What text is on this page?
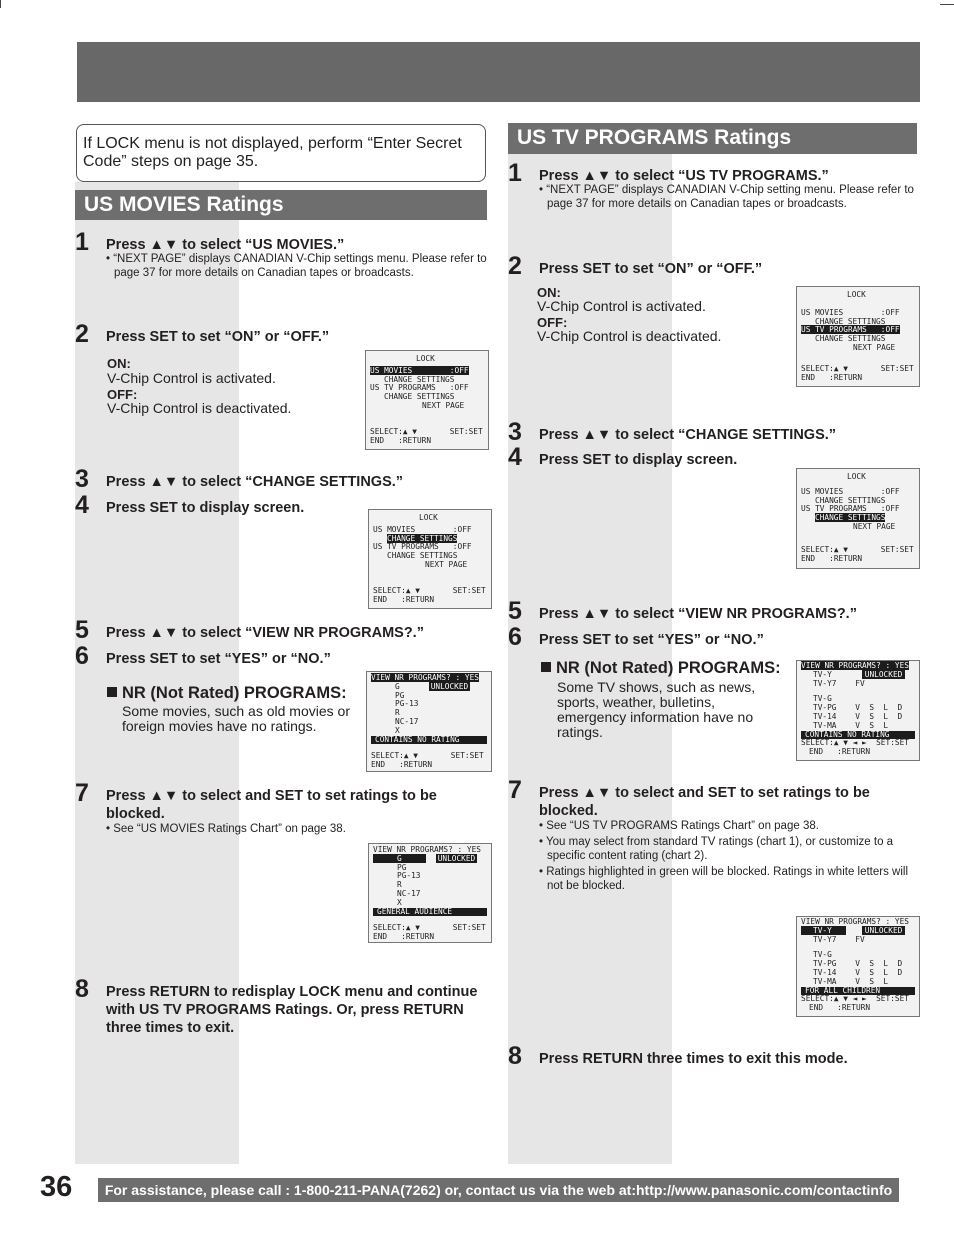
If LOCK menu is not displayed, perform “Enter Secret Code” steps on page 35.
US MOVIES Ratings
1 Press ▲▼ to select “US MOVIES.”
• “NEXT PAGE” displays CANADIAN V-Chip settings menu. Please refer to page 37 for more details on Canadian tapes or broadcasts.
2 Press SET to set “ON” or “OFF.”
ON:
V-Chip Control is activated.
OFF:
V-Chip Control is deactivated.
LOCK
US MOVIES        :OFF
CHANGE SETTINGS
US TV PROGRAMS   :OFF
CHANGE SETTINGS
NEXT PAGE
SELECT:▲ ▼       SET:SET
END   :RETURN
3 Press ▲▼ to select “CHANGE SETTINGS.”
4 Press SET to display screen.
LOCK
US MOVIES        :OFF
CHANGE SETTINGS
US TV PROGRAMS   :OFF
CHANGE SETTINGS
NEXT PAGE
SELECT:▲ ▼       SET:SET
END   :RETURN
5 Press ▲▼ to select “VIEW NR PROGRAMS?.”
6 Press SET to set “YES” or “NO.”
NR (Not Rated) PROGRAMS:
Some movies, such as old movies or foreign movies have no ratings.
VIEW NR PROGRAMS? : YES
G	UNLOCKED
PG
PG-13
R
NC-17
X
CONTAINS NO RATING
SELECT:▲ ▼       SET:SET
END   :RETURN
7 Press ▲▼ to select and SET to set ratings to be blocked.
• See “US MOVIES Ratings Chart” on page 38.
VIEW NR PROGRAMS? : YES
G	UNLOCKED
PG
PG-13
R
NC-17
X
GENERAL AUDIENCE
SELECT:▲ ▼       SET:SET
END   :RETURN
8 Press RETURN to redisplay LOCK menu and continue with US TV PROGRAMS Ratings. Or, press RETURN three times to exit.
US TV PROGRAMS Ratings
1 Press ▲▼ to select “US TV PROGRAMS.”
• “NEXT PAGE” displays CANADIAN V-Chip setting menu. Please refer to page 37 for more details on Canadian tapes or broadcasts.
2 Press SET to set “ON” or “OFF.”
ON:
V-Chip Control is activated.
OFF:
V-Chip Control is deactivated.
LOCK
US MOVIES        :OFF
CHANGE SETTINGS
US TV PROGRAMS   :OFF
CHANGE SETTINGS
NEXT PAGE
SELECT:▲ ▼       SET:SET
END   :RETURN
3 Press ▲▼ to select “CHANGE SETTINGS.”
4 Press SET to display screen.
LOCK
US MOVIES        :OFF
CHANGE SETTINGS
US TV PROGRAMS   :OFF
CHANGE SETTINGS
NEXT PAGE
SELECT:▲ ▼       SET:SET
END   :RETURN
5 Press ▲▼ to select “VIEW NR PROGRAMS?.”
6 Press SET to set “YES” or “NO.”
NR (Not Rated) PROGRAMS:
Some TV shows, such as news, sports, weather, bulletins, emergency information have no ratings.
VIEW NR PROGRAMS? : YES
TV-Y	UNLOCKED
TV-Y7    FV
TV-G
TV-PG    V  S  L  D
TV-14    V  S  L  D
TV-MA    V  S  L
CONTAINS NO RATING
SELECT:▲ ▼ ◄ ►  SET:SET
END   :RETURN
7 Press ▲▼ to select and SET to set ratings to be blocked.
• See “US TV PROGRAMS Ratings Chart” on page 38.
• You may select from standard TV ratings (chart 1), or customize to a specific content rating (chart 2).
• Ratings highlighted in green will be blocked. Ratings in white letters will not be blocked.
VIEW NR PROGRAMS? : YES
TV-Y	UNLOCKED
TV-Y7    FV
TV-G
TV-PG    V  S  L  D
TV-14    V  S  L  D
TV-MA    V  S  L
FOR ALL CHILDREN
SELECT:▲ ▼ ◄ ►  SET:SET
END   :RETURN
8 Press RETURN three times to exit this mode.
36	For assistance, please call : 1-800-211-PANA(7262) or, contact us via the web at:http://www.panasonic.com/contactinfo
